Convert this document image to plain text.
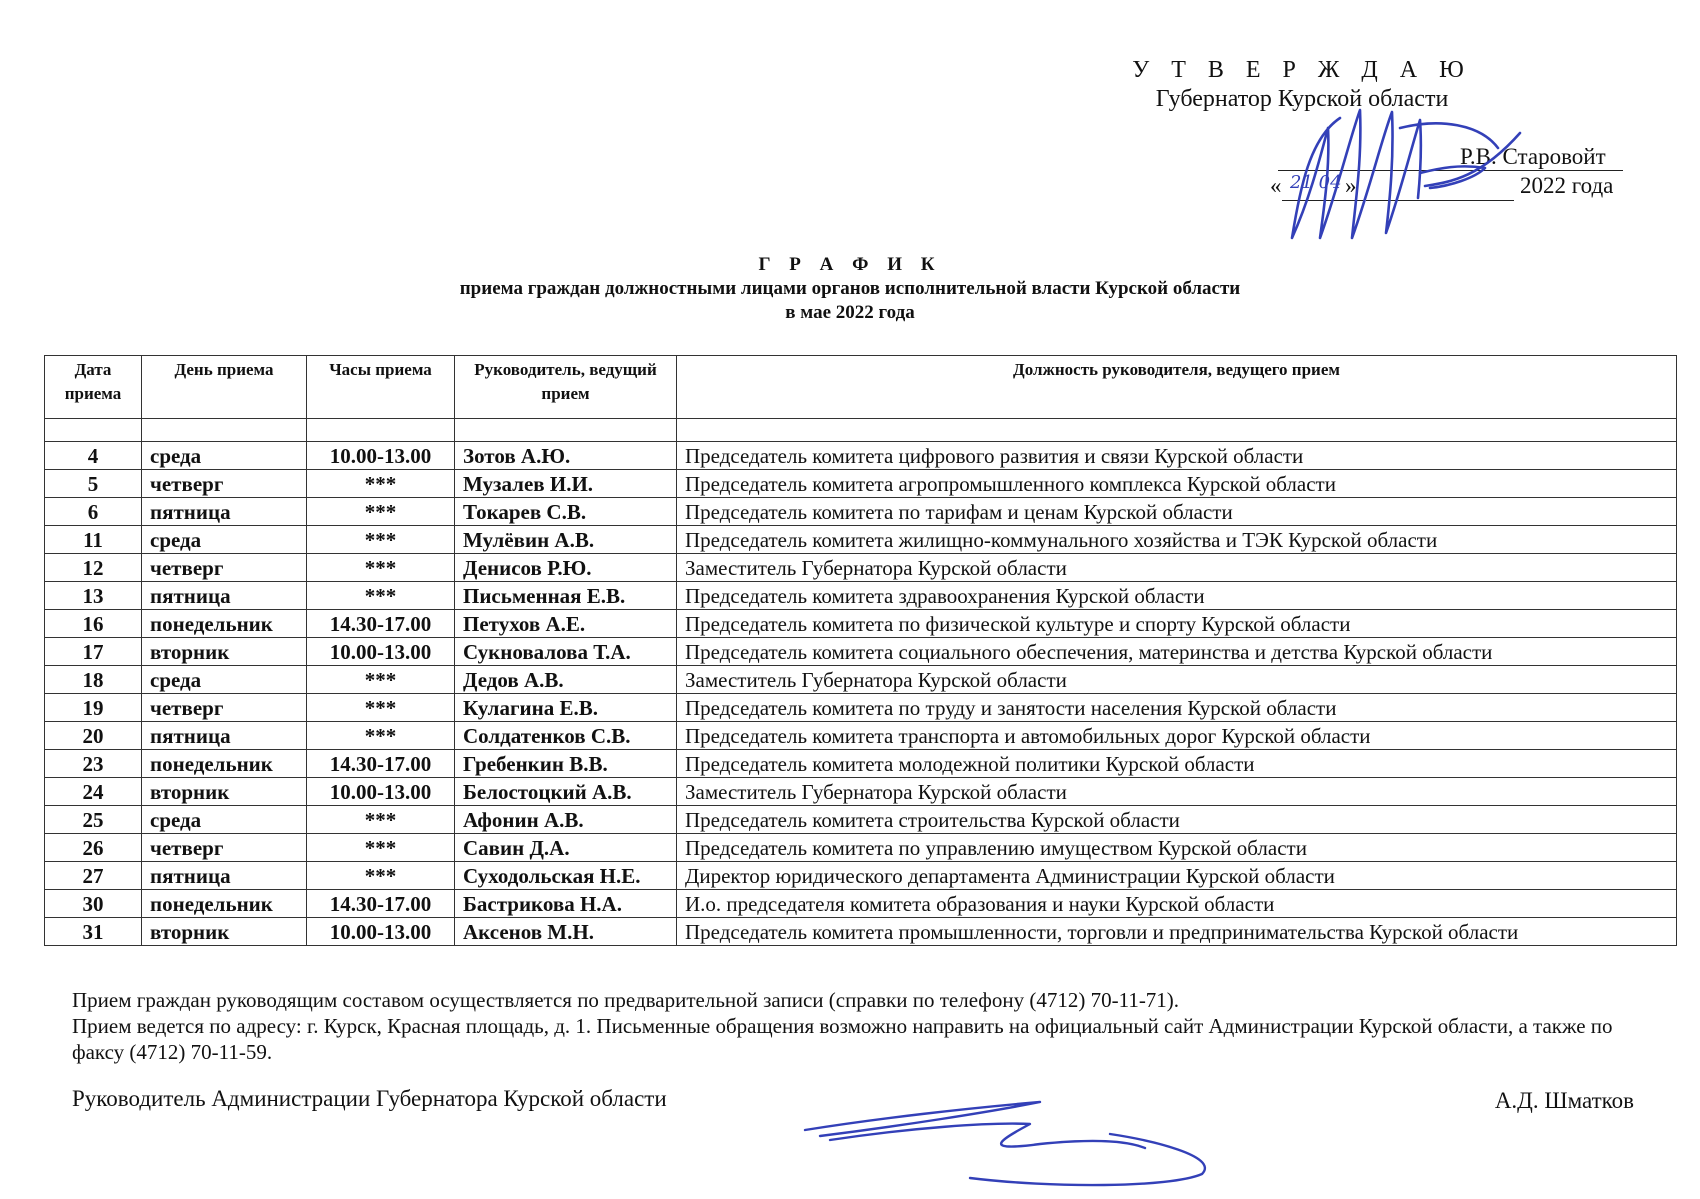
У Т В Е Р Ж Д А Ю
Губернатор Курской области
Р.В. Старовойт
«	»	2022 года
21 04
Г Р А Ф И К
приема граждан должностными лицами органов исполнительной власти Курской области
в мае 2022 года
Дата приема	День приема	Часы приема	Руководитель, ведущий прием	Должность руководителя, ведущего прием

4	среда	10.00-13.00	Зотов А.Ю.	Председатель комитета цифрового развития и связи Курской области
5	четверг	***	Музалев И.И.	Председатель комитета агропромышленного комплекса Курской области
6	пятница	***	Токарев С.В.	Председатель комитета по тарифам и ценам Курской области
11	среда	***	Мулёвин А.В.	Председатель комитета жилищно-коммунального хозяйства и ТЭК Курской области
12	четверг	***	Денисов Р.Ю.	Заместитель Губернатора Курской области
13	пятница	***	Письменная Е.В.	Председатель комитета здравоохранения Курской области
16	понедельник	14.30-17.00	Петухов А.Е.	Председатель комитета по физической культуре и спорту Курской области
17	вторник	10.00-13.00	Сукновалова Т.А.	Председатель комитета социального обеспечения, материнства и детства Курской области
18	среда	***	Дедов А.В.	Заместитель Губернатора Курской области
19	четверг	***	Кулагина Е.В.	Председатель комитета по труду и занятости населения Курской области
20	пятница	***	Солдатенков С.В.	Председатель комитета транспорта и автомобильных дорог Курской области
23	понедельник	14.30-17.00	Гребенкин В.В.	Председатель комитета молодежной политики Курской области
24	вторник	10.00-13.00	Белостоцкий А.В.	Заместитель Губернатора Курской области
25	среда	***	Афонин А.В.	Председатель комитета строительства Курской области
26	четверг	***	Савин Д.А.	Председатель комитета по управлению имуществом Курской области
27	пятница	***	Суходольская Н.Е.	Директор юридического департамента Администрации Курской области
30	понедельник	14.30-17.00	Бастрикова Н.А.	И.о. председателя комитета образования и науки Курской области
31	вторник	10.00-13.00	Аксенов М.Н.	Председатель комитета промышленности, торговли и предпринимательства Курской области
Прием граждан руководящим составом осуществляется по предварительной записи (справки по телефону (4712) 70-11-71).
Прием ведется по адресу: г. Курск, Красная площадь, д. 1. Письменные обращения возможно направить на официальный сайт Администрации Курской области, а также по факсу (4712) 70-11-59.
Руководитель Администрации Губернатора Курской области	А.Д. Шматков
